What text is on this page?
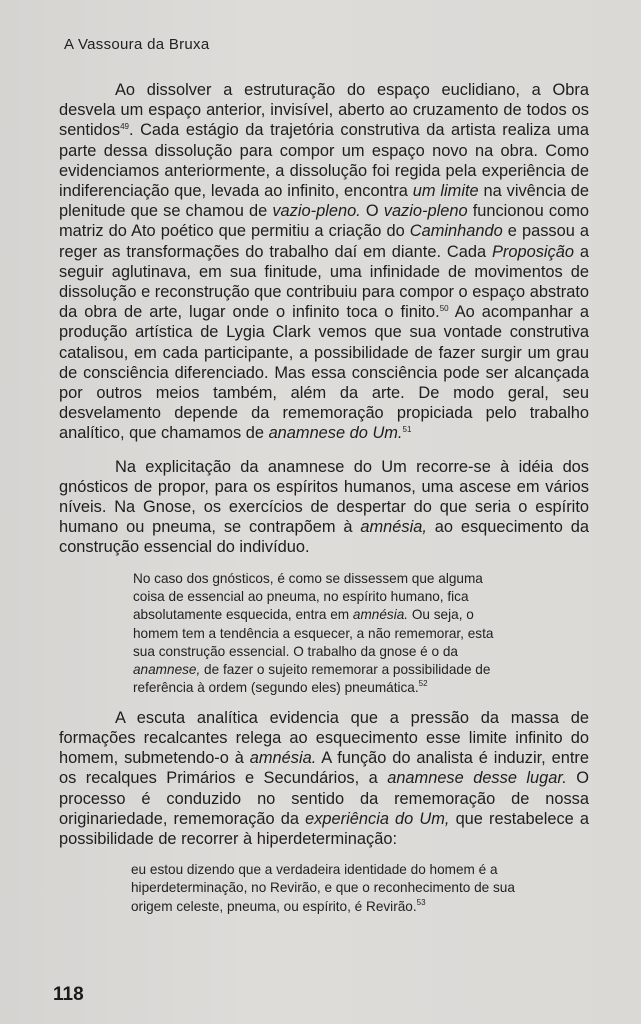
A Vassoura da Bruxa

Ao dissolver a estruturação do espaço euclidiano, a Obra desvela um espaço anterior, invisível, aberto ao cruzamento de todos os sentidos$^{49}$. Cada estágio da trajetória construtiva da artista realiza uma parte dessa dissolução para compor um espaço novo na obra. Como evidenciamos anteriormente, a dissolução foi regida pela experiência de indiferenciação que, levada ao infinito, encontra um limite na vivência de plenitude que se chamou de vazio-pleno. O vazio-pleno funcionou como matriz do Ato poético que permitiu a criação do Caminhando e passou a reger as transformações do trabalho daí em diante. Cada Proposição a seguir aglutinava, em sua finitude, uma infinidade de movimentos de dissolução e reconstrução que contribuiu para compor o espaço abstrato da obra de arte, lugar onde o infinito toca o finito.$^{50}$ Ao acompanhar a produção artística de Lygia Clark vemos que sua vontade construtiva catalisou, em cada participante, a possibilidade de fazer surgir um grau de consciência diferenciado. Mas essa consciência pode ser alcançada por outros meios também, além da arte. De modo geral, seu desvelamento depende da rememoração propiciada pelo trabalho analítico, que chamamos de anamnese do Um.$^{51}$

Na explicitação da anamnese do Um recorre-se à idéia dos gnósticos de propor, para os espíritos humanos, uma ascese em vários níveis. Na Gnose, os exercícios de despertar do que seria o espírito humano ou pneuma, se contrapõem à amnésia, ao esquecimento da construção essencial do indivíduo.

No caso dos gnósticos, é como se dissessem que alguma coisa de essencial ao pneuma, no espírito humano, fica absolutamente esquecida, entra em amnésia. Ou seja, o homem tem a tendência a esquecer, a não rememorar, esta sua construção essencial. O trabalho da gnose é o da anamnese, de fazer o sujeito rememorar a possibilidade de referência à ordem (segundo eles) pneumática.$^{52}$

A escuta analítica evidencia que a pressão da massa de formações recalcantes relega ao esquecimento esse limite infinito do homem, submetendo-o à amnésia. A função do analista é induzir, entre os recalques Primários e Secundários, a anamnese desse lugar. O processo é conduzido no sentido da rememoração de nossa originariedade, rememoração da experiência do Um, que restabelece a possibilidade de recorrer à hiperdeterminação:

eu estou dizendo que a verdadeira identidade do homem é a hiperdeterminação, no Revirão, e que o reconhecimento de sua origem celeste, pneuma, ou espírito, é Revirão.$^{53}$
118
